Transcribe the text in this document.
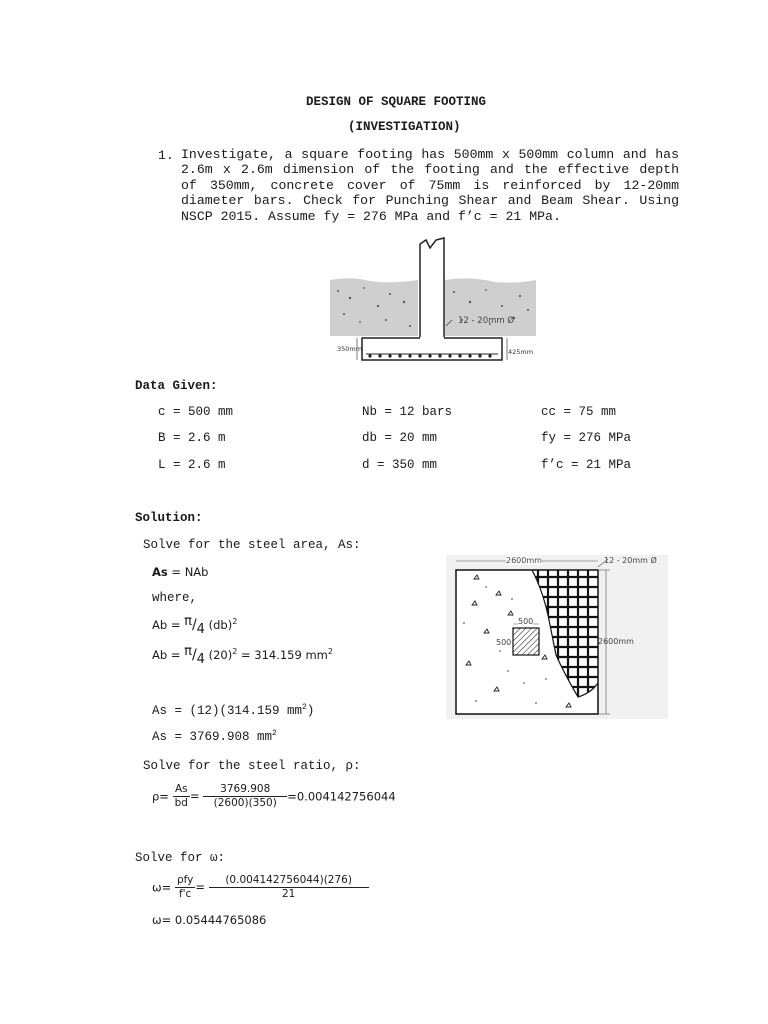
DESIGN OF SQUARE FOOTING
(INVESTIGATION)
1. Investigate, a square footing has 500mm x 500mm column and has 2.6m x 2.6m dimension of the footing and the effective depth of 350mm, concrete cover of 75mm is reinforced by 12-20mm diameter bars. Check for Punching Shear and Beam Shear. Using NSCP 2015. Assume fy = 276 MPa and f’c = 21 MPa.
12 - 20mm Ø
350mm	425mm
Data Given:
c = 500 mm	Nb = 12 bars	cc = 75 mm
B = 2.6 m	db = 20 mm	fy = 276 MPa
L = 2.6 m	d = 350 mm	f’c = 21 MPa
Solution:
Solve for the steel area, As:
As = NAb
where,
Ab = π/4 (db)$^2$
Ab = π/4 $(20)^2 = 314.159$ $mm^2$
As = (12)(314.159 $mm^2$)
As = 3769.908 $mm^2$
Solve for the steel ratio, ρ:
$\rho= \frac{As}{bd} = \frac{3769.908}{(2600)(350)} =0.004142756044$
Solve for ω:
$\omega= \frac{\text{ρfy}}{f'c} = \frac{(0.004142756044)(276)}{21}$
ω= 0.05444765086
2600mm	12 - 20mm Ø
2600mm
500
500
